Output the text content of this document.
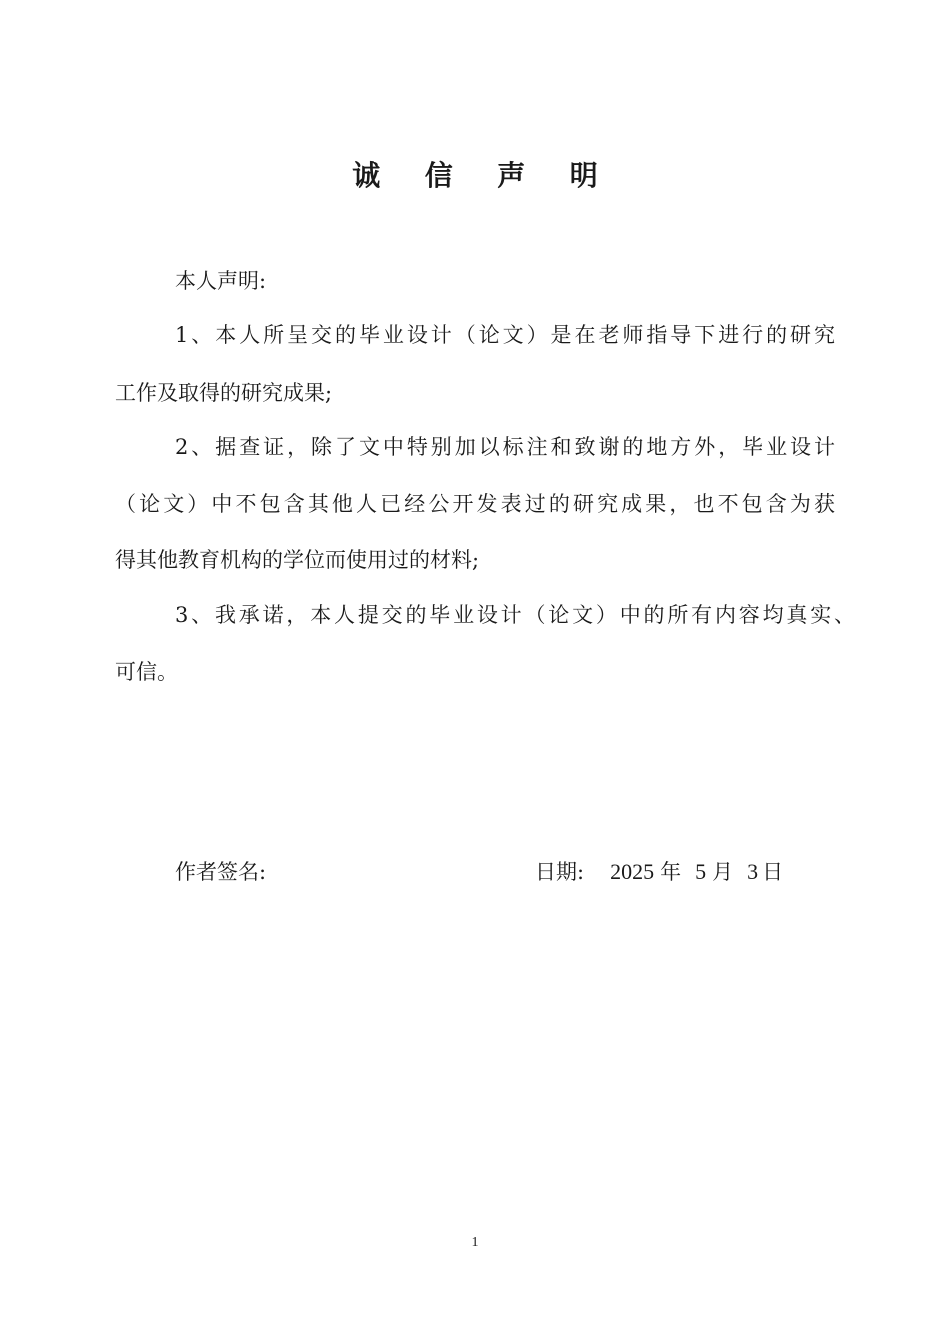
诚 信 声 明

本人声明:

1、本人所呈交的毕业设计（论文）是在老师指导下进行的研究

工作及取得的研究成果;

2、据查证，除了文中特别加以标注和致谢的地方外，毕业设计

（论文）中不包含其他人已经公开发表过的研究成果，也不包含为获

得其他教育机构的学位而使用过的材料;

3、我承诺，本人提交的毕业设计（论文）中的所有内容均真实、

可信。

作者签名:	日期: 2025 年 5 月 3 日
1
